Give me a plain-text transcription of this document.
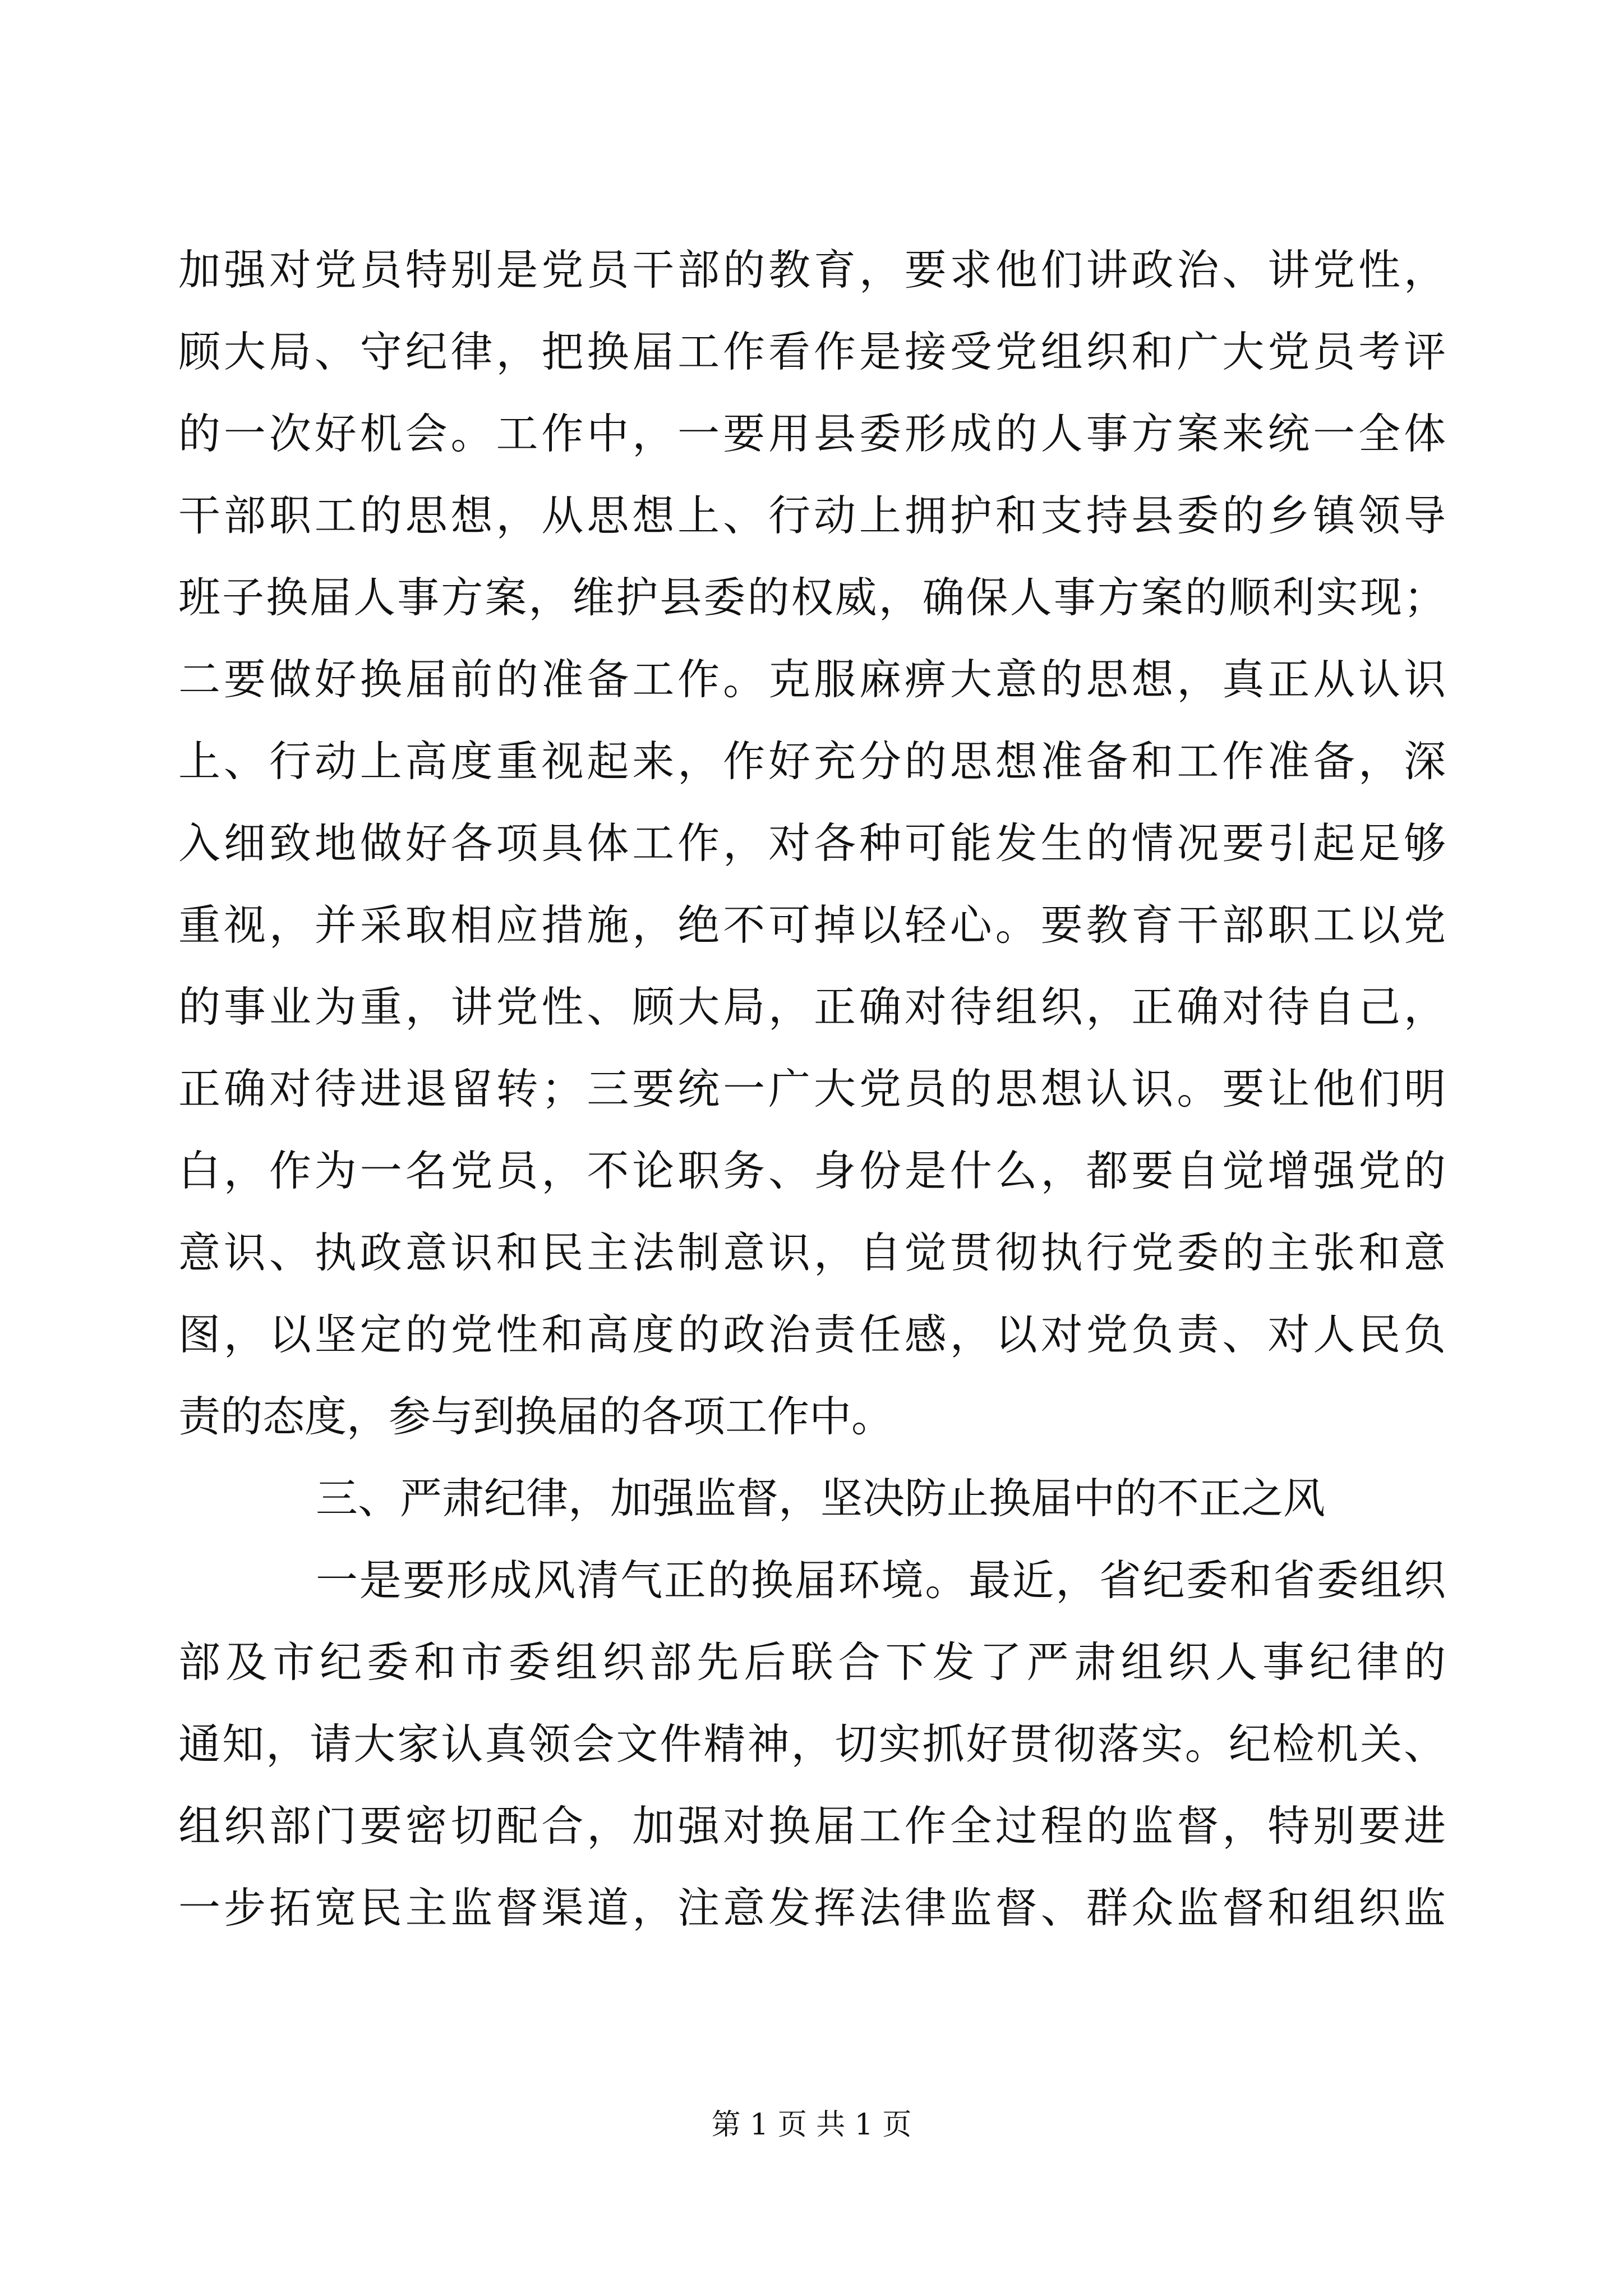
加强对党员特别是党员干部的教育，要求他们讲政治、讲党性，
顾大局、守纪律，把换届工作看作是接受党组织和广大党员考评
的一次好机会。工作中，一要用县委形成的人事方案来统一全体
干部职工的思想，从思想上、行动上拥护和支持县委的乡镇领导
班子换届人事方案，维护县委的权威，确保人事方案的顺利实现；
二要做好换届前的准备工作。克服麻痹大意的思想，真正从认识
上、行动上高度重视起来，作好充分的思想准备和工作准备，深
入细致地做好各项具体工作，对各种可能发生的情况要引起足够
重视，并采取相应措施，绝不可掉以轻心。要教育干部职工以党
的事业为重，讲党性、顾大局，正确对待组织，正确对待自己，
正确对待进退留转；三要统一广大党员的思想认识。要让他们明
白，作为一名党员，不论职务、身份是什么，都要自觉增强党的
意识、执政意识和民主法制意识，自觉贯彻执行党委的主张和意
图，以坚定的党性和高度的政治责任感，以对党负责、对人民负
责的态度，参与到换届的各项工作中。
三、严肃纪律，加强监督，坚决防止换届中的不正之风
一是要形成风清气正的换届环境。最近，省纪委和省委组织
部及市纪委和市委组织部先后联合下发了严肃组织人事纪律的
通知，请大家认真领会文件精神，切实抓好贯彻落实。纪检机关、
组织部门要密切配合，加强对换届工作全过程的监督，特别要进
一步拓宽民主监督渠道，注意发挥法律监督、群众监督和组织监
第 1 页 共 1 页
